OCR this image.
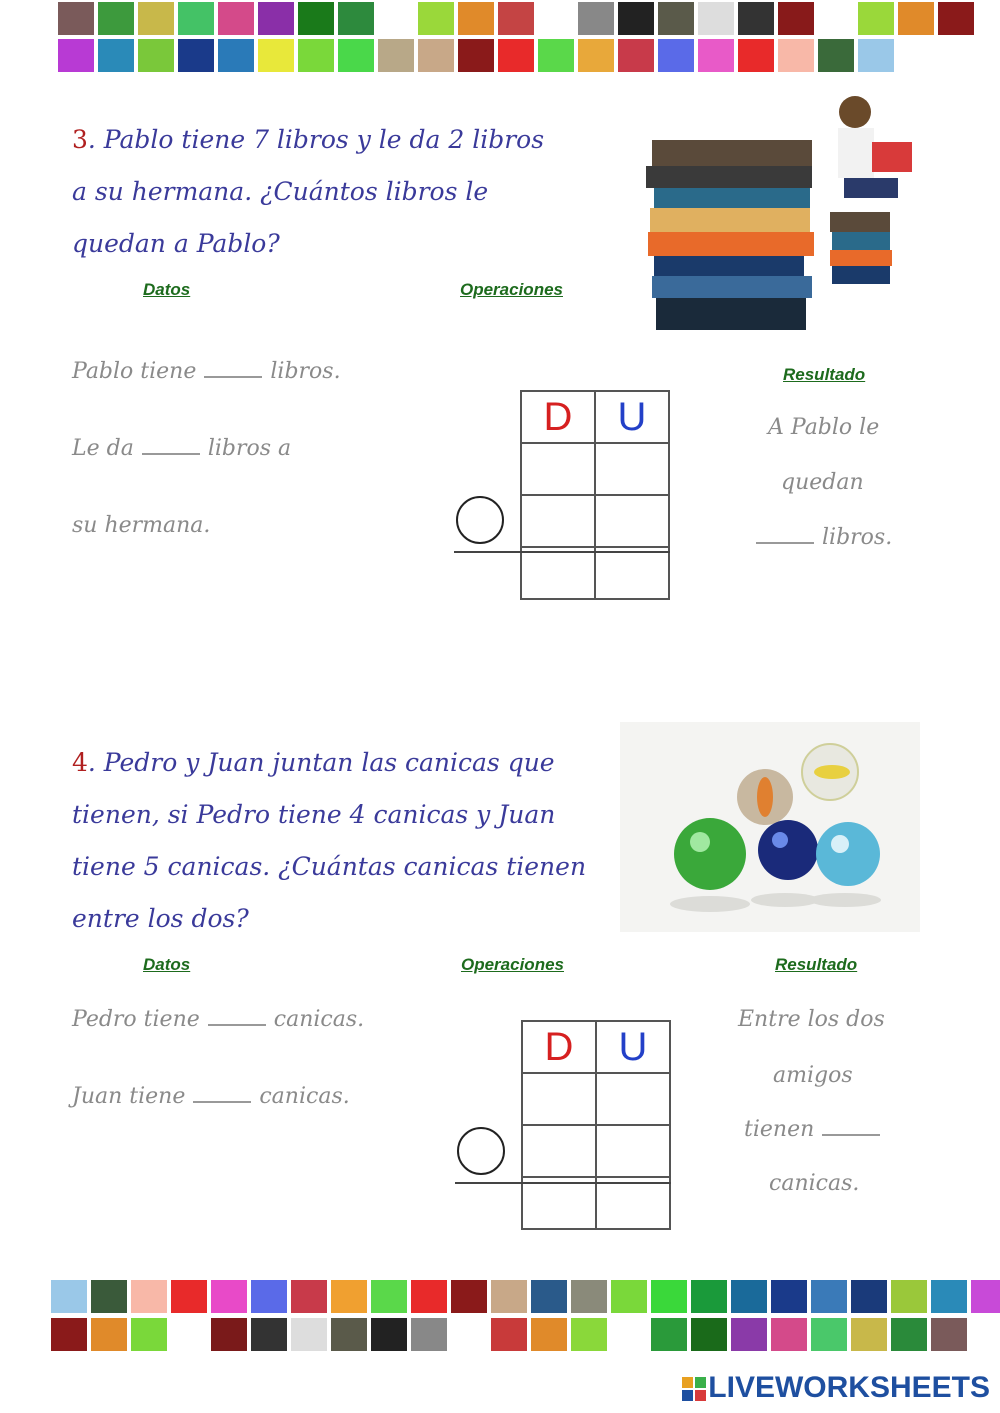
3. Pablo tiene 7 libros y le da 2 libros
a su hermana. ¿Cuántos libros le
quedan a Pablo?
Datos	Operaciones
Resultado
Pablo tiene	libros.
Le da	libros a
su hermana.
D	U

		A Pablo le
quedan
libros.
4. Pedro y Juan juntan las canicas que
tienen, si Pedro tiene 4 canicas y Juan
tiene 5 canicas. ¿Cuántas canicas tienen
entre los dos?
Datos	Operaciones	Resultado
Pedro tiene	canicas.
Juan tiene	canicas.
D	U

Entre los dos
amigos
tienen
canicas.
LIVEWORKSHEETS
